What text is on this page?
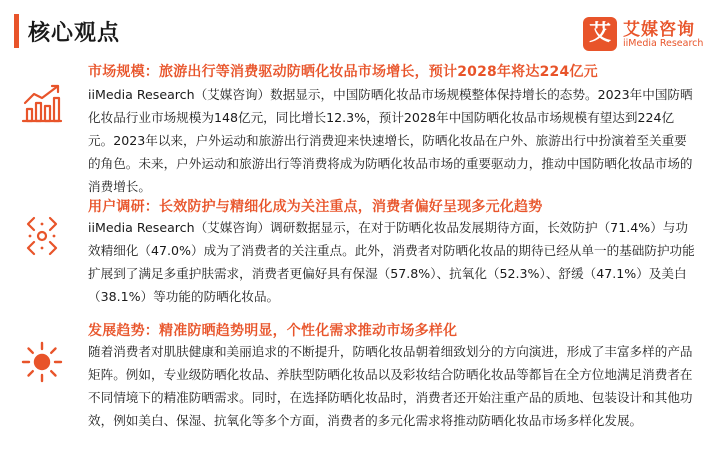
核心观点	艾 艾媒咨询
iiMedia Research
市场规模：旅游出行等消费驱动防晒化妆品市场增长，预计2028年将达224亿元
iiMedia Research（艾媒咨询）数据显示，中国防晒化妆品市场规模整体保持增长的态势。2023年中国防晒化妆品行业市场规模为148亿元，同比增长12.3%，预计2028年中国防晒化妆品市场规模有望达到224亿元。2023年以来，户外运动和旅游出行消费迎来快速增长，防晒化妆品在户外、旅游出行中扮演着至关重要的角色。未来，户外运动和旅游出行等消费将成为防晒化妆品市场的重要驱动力，推动中国防晒化妆品市场的消费增长。
用户调研：长效防护与精细化成为关注重点，消费者偏好呈现多元化趋势
iiMedia Research（艾媒咨询）调研数据显示，在对于防晒化妆品发展期待方面，长效防护（71.4%）与功效精细化（47.0%）成为了消费者的关注重点。此外，消费者对防晒化妆品的期待已经从单一的基础防护功能扩展到了满足多重护肤需求，消费者更偏好具有保湿（57.8%）、抗氧化（52.3%）、舒缓（47.1%）及美白（38.1%）等功能的防晒化妆品。
发展趋势：精准防晒趋势明显，个性化需求推动市场多样化
随着消费者对肌肤健康和美丽追求的不断提升，防晒化妆品朝着细致划分的方向演进，形成了丰富多样的产品矩阵。例如，专业级防晒化妆品、养肤型防晒化妆品以及彩妆结合防晒化妆品等都旨在全方位地满足消费者在不同情境下的精准防晒需求。同时，在选择防晒化妆品时，消费者还开始注重产品的质地、包装设计和其他功效，例如美白、保湿、抗氧化等多个方面，消费者的多元化需求将推动防晒化妆品市场多样化发展。
